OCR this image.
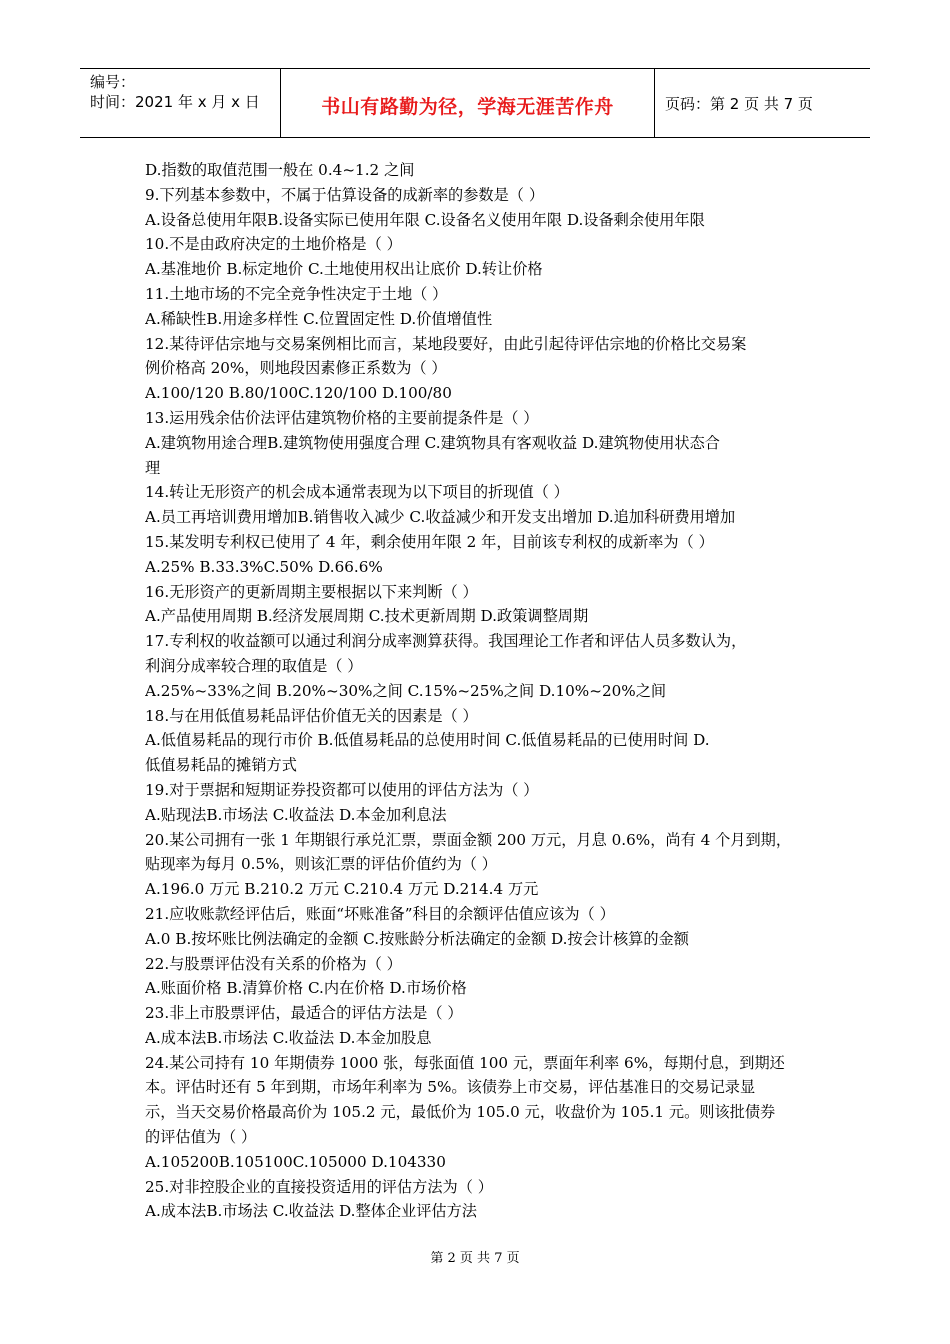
编号：
时间：2021 年 x 月 x 日	书山有路勤为径，学海无涯苦作舟	页码：第 2 页 共 7 页
D.指数的取值范围一般在 0.4~1.2 之间
9.下列基本参数中，不属于估算设备的成新率的参数是（ ）
A.设备总使用年限B.设备实际已使用年限 C.设备名义使用年限 D.设备剩余使用年限
10.不是由政府决定的土地价格是（ ）
A.基准地价 B.标定地价 C.土地使用权出让底价 D.转让价格
11.土地市场的不完全竞争性决定于土地（ ）
A.稀缺性B.用途多样性 C.位置固定性 D.价值增值性
12.某待评估宗地与交易案例相比而言，某地段要好，由此引起待评估宗地的价格比交易案
例价格高 20%，则地段因素修正系数为（ ）
A.100/120 B.80/100C.120/100 D.100/80
13.运用残余估价法评估建筑物价格的主要前提条件是（ ）
A.建筑物用途合理B.建筑物使用强度合理 C.建筑物具有客观收益 D.建筑物使用状态合
理
14.转让无形资产的机会成本通常表现为以下项目的折现值（ ）
A.员工再培训费用增加B.销售收入减少 C.收益减少和开发支出增加 D.追加科研费用增加
15.某发明专利权已使用了 4 年，剩余使用年限 2 年，目前该专利权的成新率为（ ）
A.25% B.33.3%C.50% D.66.6%
16.无形资产的更新周期主要根据以下来判断（ ）
A.产品使用周期 B.经济发展周期 C.技术更新周期 D.政策调整周期
17.专利权的收益额可以通过利润分成率测算获得。我国理论工作者和评估人员多数认为，
利润分成率较合理的取值是（ ）
A.25%~33%之间 B.20%~30%之间 C.15%~25%之间 D.10%~20%之间
18.与在用低值易耗品评估价值无关的因素是（ ）
A.低值易耗品的现行市价 B.低值易耗品的总使用时间 C.低值易耗品的已使用时间 D.
低值易耗品的摊销方式
19.对于票据和短期证券投资都可以使用的评估方法为（ ）
A.贴现法B.市场法 C.收益法 D.本金加利息法
20.某公司拥有一张 1 年期银行承兑汇票，票面金额 200 万元，月息 0.6%，尚有 4 个月到期，
贴现率为每月 0.5%，则该汇票的评估价值约为（ ）
A.196.0 万元 B.210.2 万元 C.210.4 万元 D.214.4 万元
21.应收账款经评估后，账面“坏账准备”科目的余额评估值应该为（ ）
A.0 B.按坏账比例法确定的金额 C.按账龄分析法确定的金额 D.按会计核算的金额
22.与股票评估没有关系的价格为（ ）
A.账面价格 B.清算价格 C.内在价格 D.市场价格
23.非上市股票评估，最适合的评估方法是（ ）
A.成本法B.市场法 C.收益法 D.本金加股息
24.某公司持有 10 年期债券 1000 张，每张面值 100 元，票面年利率 6%，每期付息，到期还
本。评估时还有 5 年到期，市场年利率为 5%。该债券上市交易，评估基准日的交易记录显
示，当天交易价格最高价为 105.2 元，最低价为 105.0 元，收盘价为 105.1 元。则该批债券
的评估值为（ ）
A.105200B.105100C.105000 D.104330
25.对非控股企业的直接投资适用的评估方法为（ ）
A.成本法B.市场法 C.收益法 D.整体企业评估方法
第 2 页 共 7 页
